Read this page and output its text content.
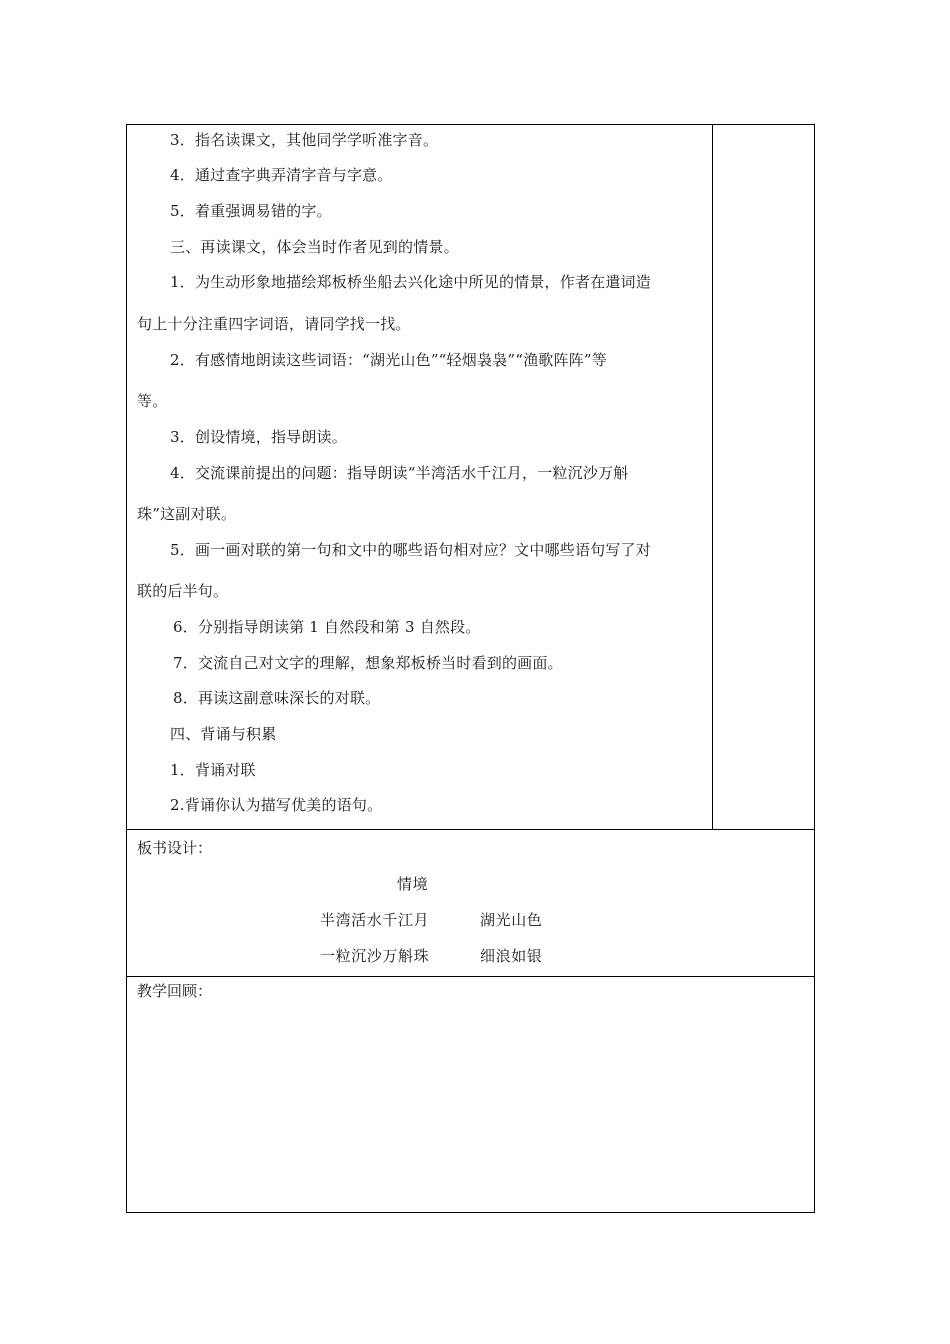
3．指名读课文，其他同学学听准字音。
4．通过查字典弄清字音与字意。
5．着重强调易错的字。
三、再读课文，体会当时作者见到的情景。
1．为生动形象地描绘郑板桥坐船去兴化途中所见的情景，作者在遣词造
句上十分注重四字词语，请同学找一找。
2．有感情地朗读这些词语：“湖光山色”“轻烟袅袅”“渔歌阵阵”等
等。
3．创设情境，指导朗读。
4．交流课前提出的问题：指导朗读“半湾活水千江月，一粒沉沙万斛
珠”这副对联。
5．画一画对联的第一句和文中的哪些语句相对应？文中哪些语句写了对
联的后半句。
6．分别指导朗读第 1 自然段和第 3 自然段。
7．交流自己对文字的理解，想象郑板桥当时看到的画面。
8．再读这副意味深长的对联。
四、背诵与积累
1．背诵对联
2.背诵你认为描写优美的语句。
板书设计：
情境
半湾活水千江月	湖光山色
一粒沉沙万斛珠	细浪如银
教学回顾：
